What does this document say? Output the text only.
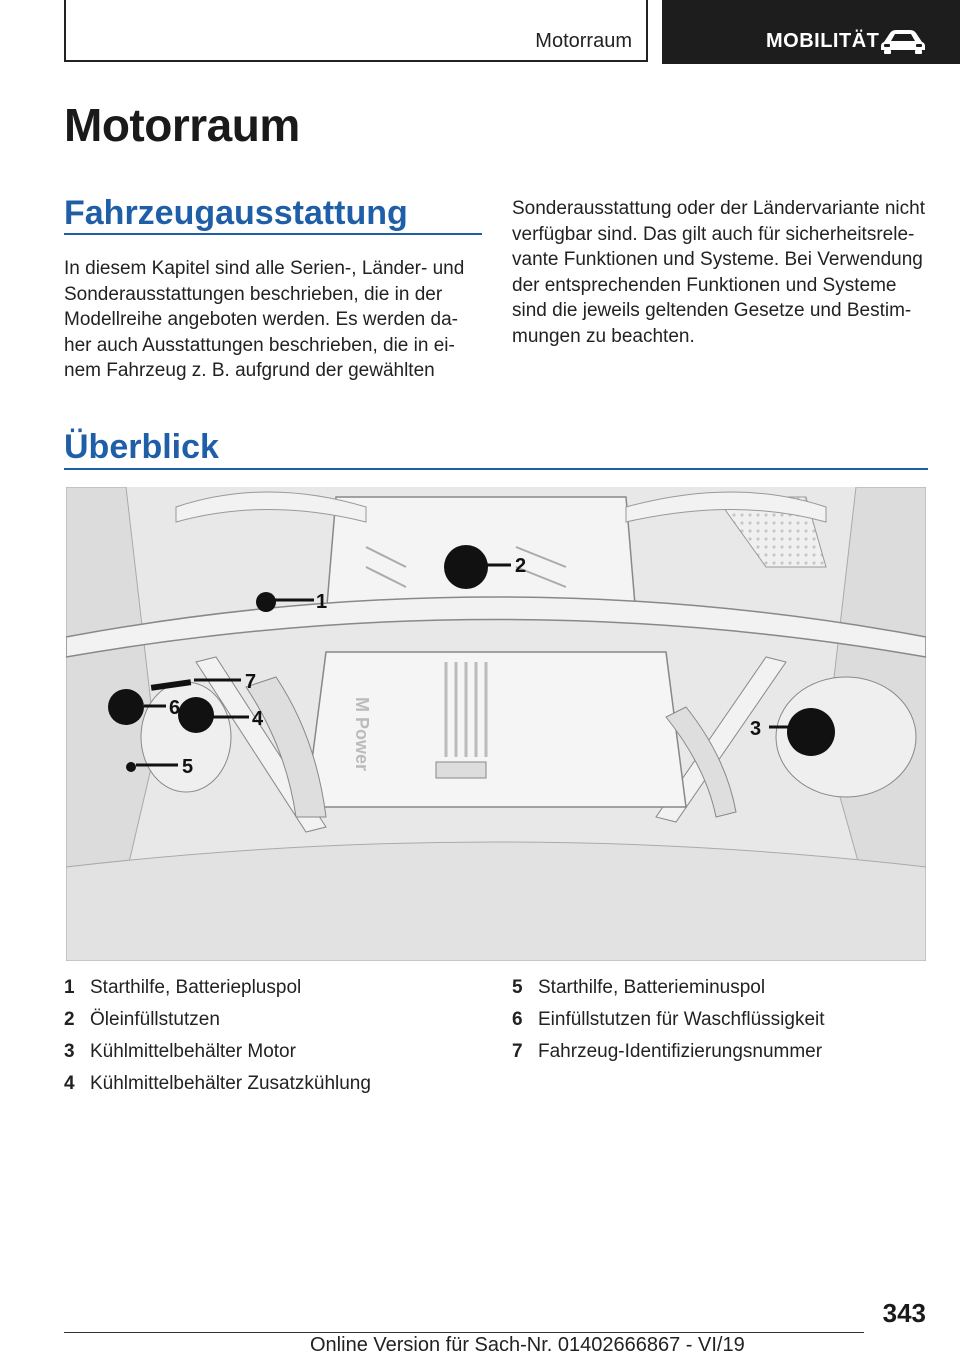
Motorraum	MOBILITÄT
Motorraum
Fahrzeugausstattung
In diesem Kapitel sind alle Serien-, Länder- und Sonderausstattungen beschrieben, die in der Modellreihe angeboten werden. Es werden da-her auch Ausstattungen beschrieben, die in ei-nem Fahrzeug z. B. aufgrund der gewählten
Sonderausstattung oder der Ländervariante nicht verfügbar sind. Das gilt auch für sicherheitsrele-vante Funktionen und Systeme. Bei Verwendung der entsprechenden Funktionen und Systeme sind die jeweils geltenden Gesetze und Bestim-mungen zu beachten.
Überblick
M Power
1
2
3
4
5
6
7
1 Starthilfe, Batteriepluspol
2 Öleinfüllstutzen
3 Kühlmittelbehälter Motor
4 Kühlmittelbehälter Zusatzkühlung
5 Starthilfe, Batterieminuspol
6 Einfüllstutzen für Waschflüssigkeit
7 Fahrzeug-Identifizierungsnummer
343
Online Version für Sach-Nr. 01402666867 - VI/19
